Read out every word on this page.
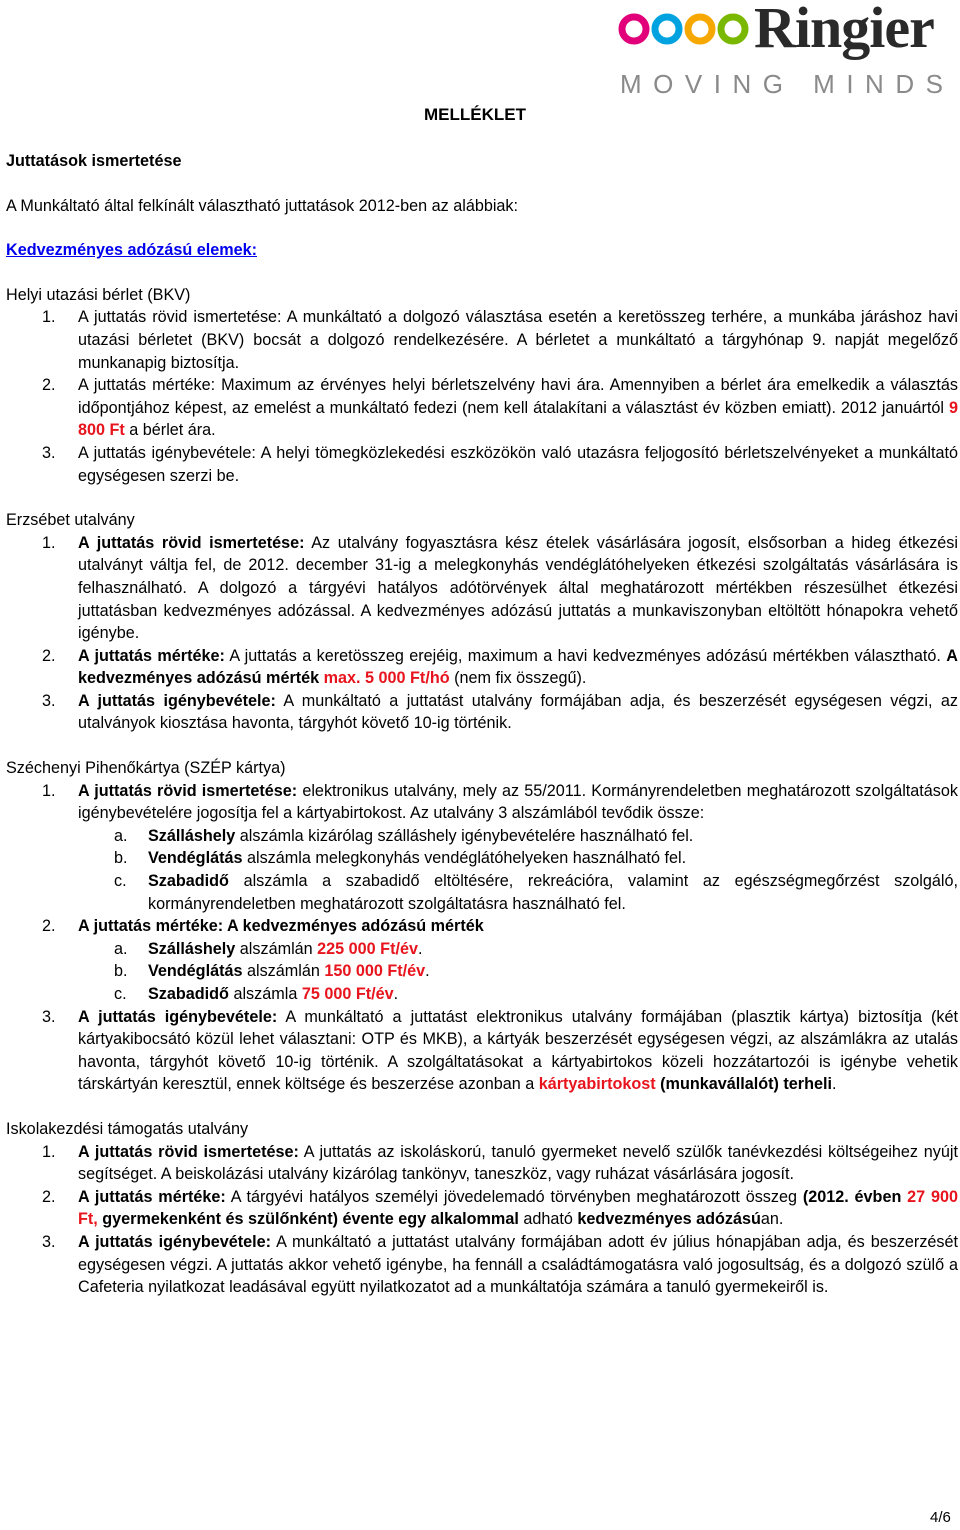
Ringier
MOVING MINDS
MELLÉKLET

Juttatások ismertetése

A Munkáltató által felkínált választható juttatások 2012-ben az alábbiak:

Kedvezményes adózású elemek:

Helyi utazási bérlet (BKV)

1. A juttatás rövid ismertetése: A munkáltató a dolgozó választása esetén a keretösszeg terhére, a munkába járáshoz havi utazási bérletet (BKV) bocsát a dolgozó rendelkezésére. A bérletet a munkáltató a tárgyhónap 9. napját megelőző munkanapig biztosítja.

2. A juttatás mértéke: Maximum az érvényes helyi bérletszelvény havi ára. Amennyiben a bérlet ára emelkedik a választás időpontjához képest, az emelést a munkáltató fedezi (nem kell átalakítani a választást év közben emiatt). 2012 januártól 9 800 Ft a bérlet ára.

3. A juttatás igénybevétele: A helyi tömegközlekedési eszközökön való utazásra feljogosító bérletszelvényeket a munkáltató egységesen szerzi be.

Erzsébet utalvány

1. A juttatás rövid ismertetése: Az utalvány fogyasztásra kész ételek vásárlására jogosít, elsősorban a hideg étkezési utalványt váltja fel, de 2012. december 31-ig a melegkonyhás vendéglátóhelyeken étkezési szolgáltatás vásárlására is felhasználható. A dolgozó a tárgyévi hatályos adótörvények által meghatározott mértékben részesülhet étkezési juttatásban kedvezményes adózással. A kedvezményes adózású juttatás a munkaviszonyban eltöltött hónapokra vehető igénybe.

2. A juttatás mértéke: A juttatás a keretösszeg erejéig, maximum a havi kedvezményes adózású mértékben választható. A kedvezményes adózású mérték max. 5 000 Ft/hó (nem fix összegű).

3. A juttatás igénybevétele: A munkáltató a juttatást utalvány formájában adja, és beszerzését egységesen végzi, az utalványok kiosztása havonta, tárgyhót követő 10-ig történik.

Széchenyi Pihenőkártya (SZÉP kártya)

1. A juttatás rövid ismertetése: elektronikus utalvány, mely az 55/2011. Kormányrendeletben meghatározott szolgáltatások igénybevételére jogosítja fel a kártyabirtokost. Az utalvány 3 alszámlából tevődik össze:

a. Szálláshely alszámla kizárólag szálláshely igénybevételére használható fel.

b. Vendéglátás alszámla melegkonyhás vendéglátóhelyeken használható fel.

c. Szabadidő alszámla a szabadidő eltöltésére, rekreációra, valamint az egészségmegőrzést szolgáló, kormányrendeletben meghatározott szolgáltatásra használható fel.

2. A juttatás mértéke: A kedvezményes adózású mérték

a. Szálláshely alszámlán 225 000 Ft/év.

b. Vendéglátás alszámlán 150 000 Ft/év.

c. Szabadidő alszámla 75 000 Ft/év.

3. A juttatás igénybevétele: A munkáltató a juttatást elektronikus utalvány formájában (plasztik kártya) biztosítja (két kártyakibocsátó közül lehet választani: OTP és MKB), a kártyák beszerzését egységesen végzi, az alszámlákra az utalás havonta, tárgyhót követő 10-ig történik. A szolgáltatásokat a kártyabirtokos közeli hozzátartozói is igénybe vehetik társkártyán keresztül, ennek költsége és beszerzése azonban a kártyabirtokost (munkavállalót) terheli.

Iskolakezdési támogatás utalvány

1. A juttatás rövid ismertetése: A juttatás az iskoláskorú, tanuló gyermeket nevelő szülők tanévkezdési költségeihez nyújt segítséget. A beiskolázási utalvány kizárólag tankönyv, taneszköz, vagy ruházat vásárlására jogosít.

2. A juttatás mértéke: A tárgyévi hatályos személyi jövedelemadó törvényben meghatározott összeg (2012. évben 27 900 Ft, gyermekenként és szülőnként) évente egy alkalommal adható kedvezményes adózásúan.

3. A juttatás igénybevétele: A munkáltató a juttatást utalvány formájában adott év július hónapjában adja, és beszerzését egységesen végzi. A juttatás akkor vehető igénybe, ha fennáll a családtámogatásra való jogosultság, és a dolgozó szülő a Cafeteria nyilatkozat leadásával együtt nyilatkozatot ad a munkáltatója számára a tanuló gyermekeiről is.

4/6
